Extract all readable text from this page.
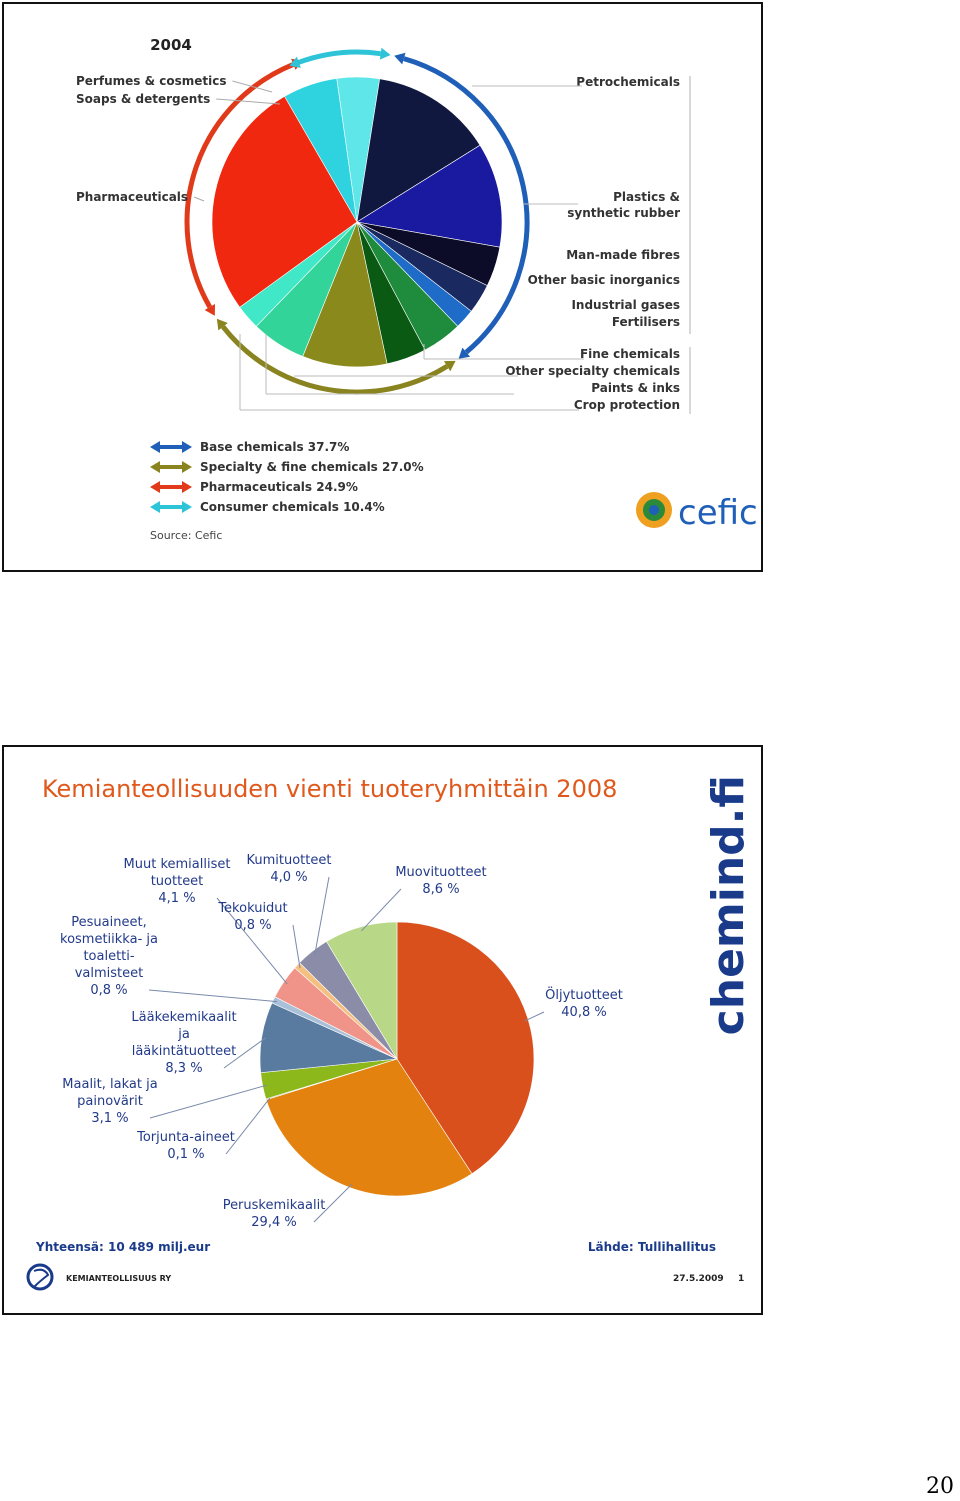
2004
Perfumes & cosmetics
Soaps & detergents
Pharmaceuticals
Petrochemicals
Plastics & synthetic rubber
Man-made fibres
Other basic inorganics
Industrial gases
Fertilisers
Fine chemicals
Other specialty chemicals
Paints & inks
Crop protection
Base chemicals 37.7%
Specialty & fine chemicals 27.0%
Pharmaceuticals 24.9%
Consumer chemicals 10.4%
Source: Cefic
cefic
Kemianteollisuuden vienti tuoteryhmittäin 2008 chemind.fi
Öljytuotteet 40,8 %
Peruskemikaalit 29,4 %
Torjunta-aineet 0,1 %
Maalit, lakat ja painovärit 3,1 %
Lääkekemikaalit ja lääkintätuotteet 8,3 %
Pesuaineet, kosmetiikka- ja toaletti-valmisteet 0,8 %
Muut kemialliset tuotteet 4,1 %
Tekokuidut 0,8 %
Kumituotteet 4,0 %	Muovituotteet 8,6 %
Yhteensä: 10 489 milj.eur	Lähde: Tullihallitus
KEMIANTEOLLISUUS RY	27.5.2009 1
20
